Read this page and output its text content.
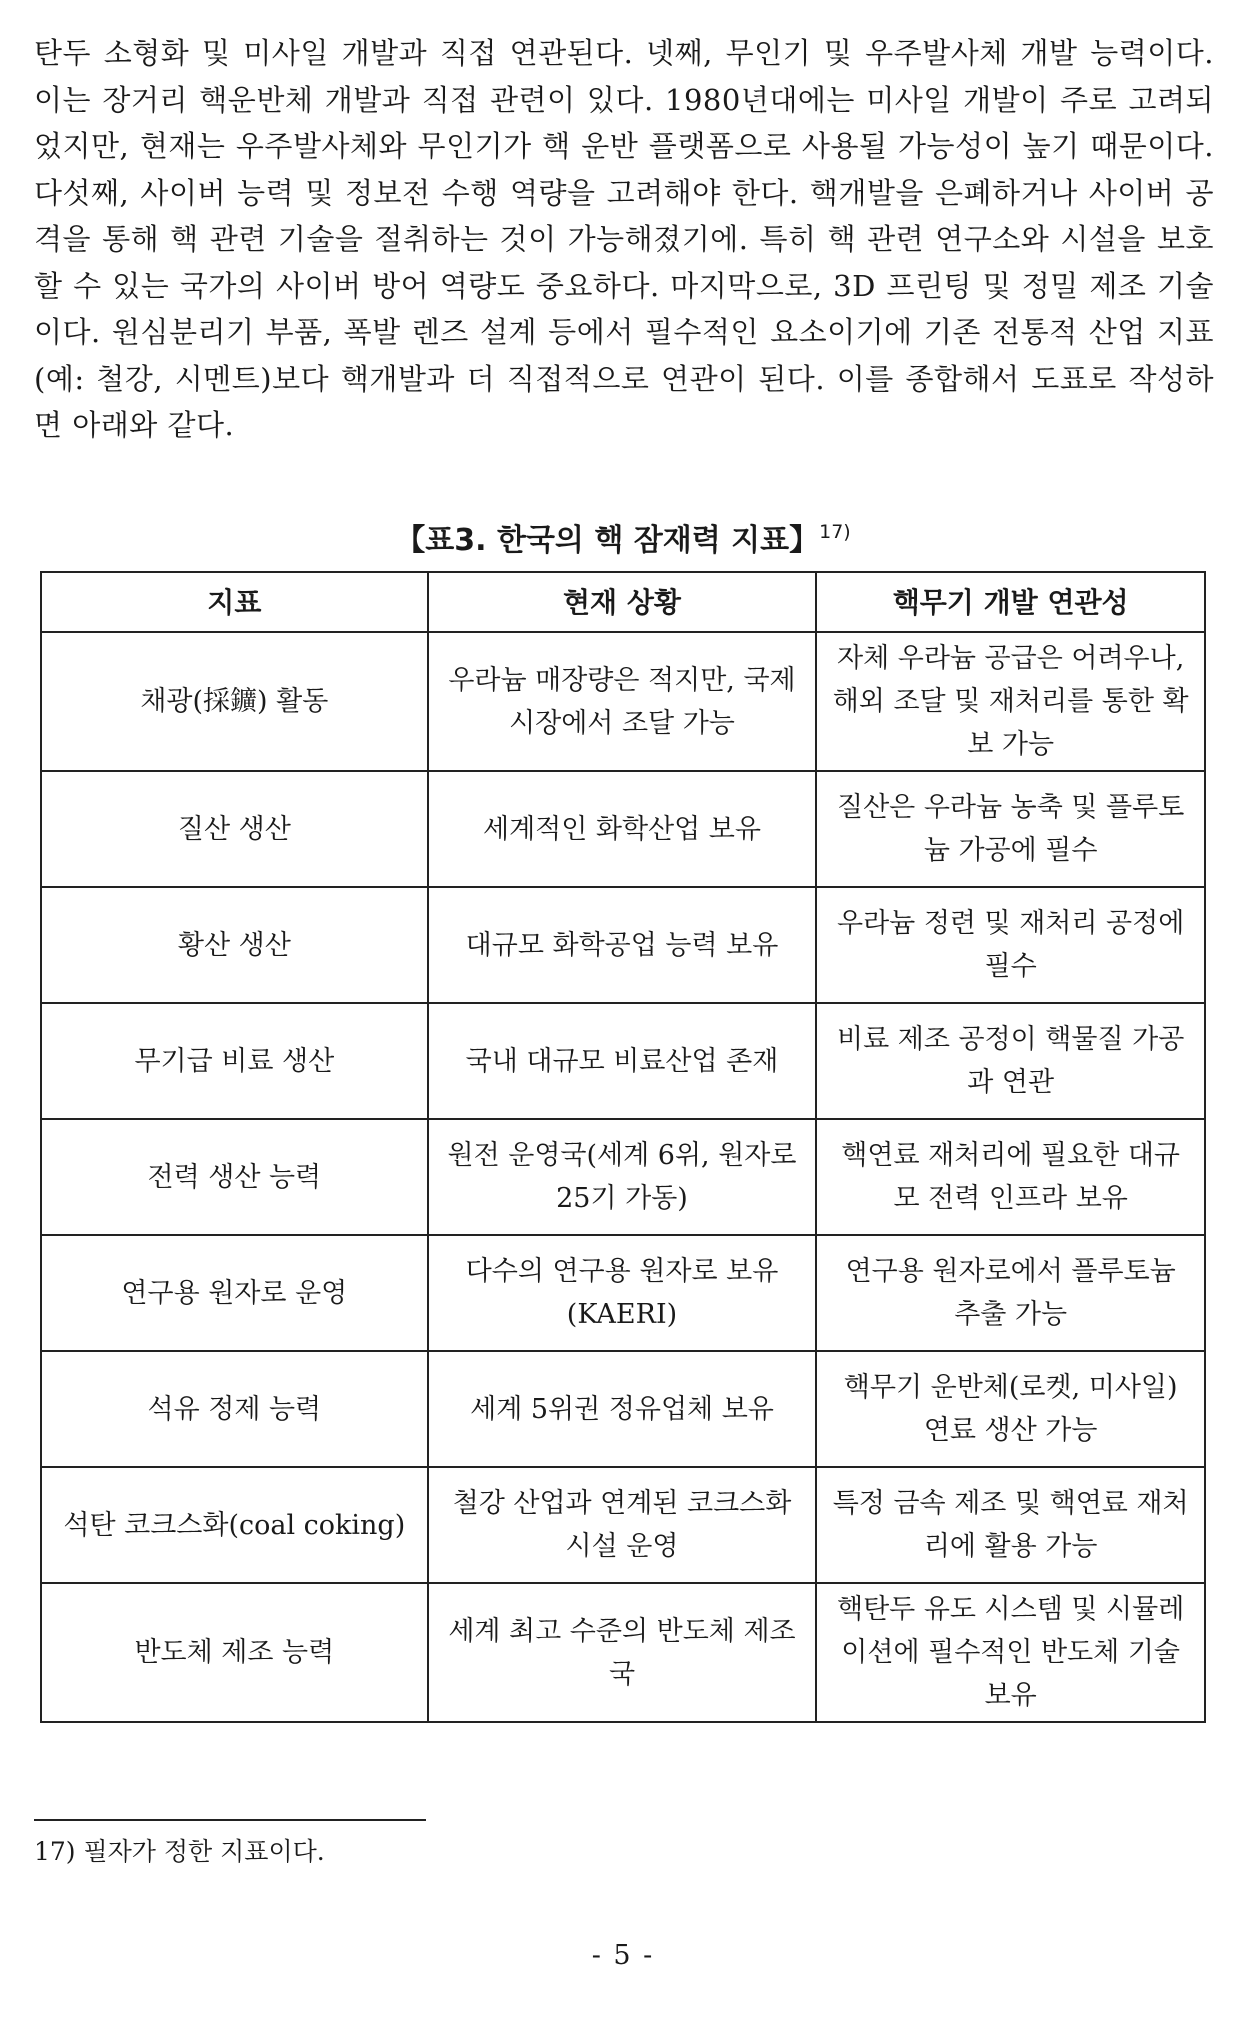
탄두 소형화 및 미사일 개발과 직접 연관된다. 넷째, 무인기 및 우주발사체 개발 능력이다. 이는 장거리 핵운반체 개발과 직접 관련이 있다. 1980년대에는 미사일 개발이 주로 고려되었지만, 현재는 우주발사체와 무인기가 핵 운반 플랫폼으로 사용될 가능성이 높기 때문이다. 다섯째, 사이버 능력 및 정보전 수행 역량을 고려해야 한다. 핵개발을 은폐하거나 사이버 공격을 통해 핵 관련 기술을 절취하는 것이 가능해졌기에. 특히 핵 관련 연구소와 시설을 보호할 수 있는 국가의 사이버 방어 역량도 중요하다. 마지막으로, 3D 프린팅 및 정밀 제조 기술이다. 원심분리기 부품, 폭발 렌즈 설계 등에서 필수적인 요소이기에 기존 전통적 산업 지표(예: 철강, 시멘트)보다 핵개발과 더 직접적으로 연관이 된다. 이를 종합해서 도표로 작성하면 아래와 같다.

【표3. 한국의 핵 잠재력 지표】$^{17)}$
지표	현재 상황	핵무기 개발 연관성
채광(採鑛) 활동	우라늄 매장량은 적지만, 국제 시장에서 조달 가능	자체 우라늄 공급은 어려우나, 해외 조달 및 재처리를 통한 확보 가능
질산 생산	세계적인 화학산업 보유	질산은 우라늄 농축 및 플루토늄 가공에 필수
황산 생산	대규모 화학공업 능력 보유	우라늄 정련 및 재처리 공정에 필수
무기급 비료 생산	국내 대규모 비료산업 존재	비료 제조 공정이 핵물질 가공과 연관
전력 생산 능력	원전 운영국(세계 6위, 원자로 25기 가동)	핵연료 재처리에 필요한 대규모 전력 인프라 보유
연구용 원자로 운영	다수의 연구용 원자로 보유 (KAERI)	연구용 원자로에서 플루토늄 추출 가능
석유 정제 능력	세계 5위권 정유업체 보유	핵무기 운반체(로켓, 미사일) 연료 생산 가능
석탄 코크스화(coal coking)	철강 산업과 연계된 코크스화 시설 운영	특정 금속 제조 및 핵연료 재처리에 활용 가능
반도체 제조 능력	세계 최고 수준의 반도체 제조국	핵탄두 유도 시스템 및 시뮬레이션에 필수적인 반도체 기술 보유
17) 필자가 정한 지표이다.
- 5 -
